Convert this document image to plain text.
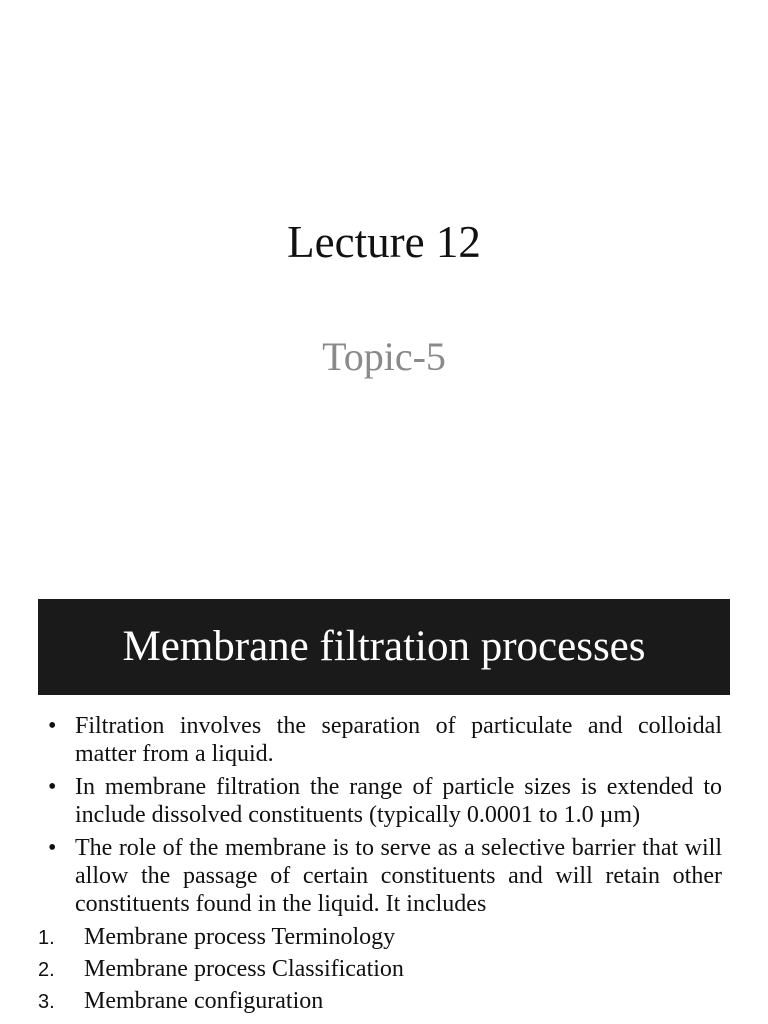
Lecture 12
Topic-5
Membrane filtration processes
• Filtration involves the separation of particulate and colloidal matter from a liquid.
• In membrane filtration the range of particle sizes is extended to include dissolved constituents (typically 0.0001 to 1.0 µm)
• The role of the membrane is to serve as a selective barrier that will allow the passage of certain constituents and will retain other constituents found in the liquid. It includes
1. Membrane process Terminology
2. Membrane process Classification
3. Membrane configuration
